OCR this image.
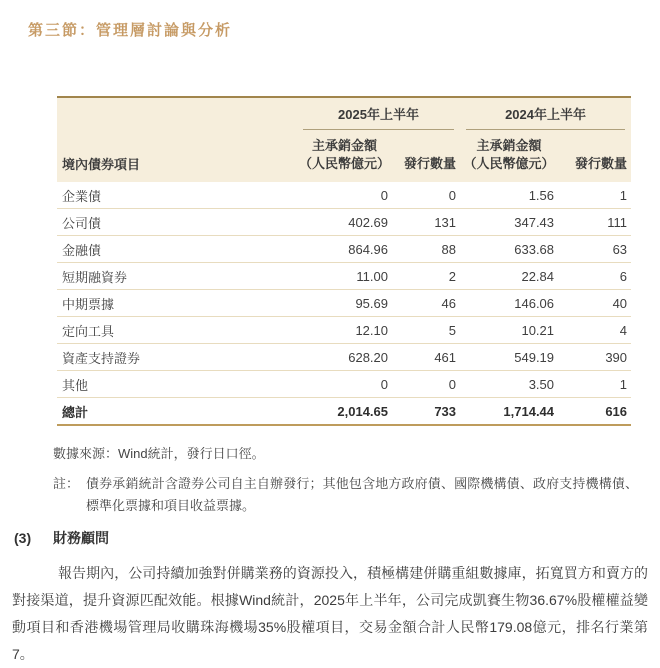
第三節：管理層討論與分析

	2025年上半年		2024年上半年	

境內債券項目	主承銷金額
（人民幣億元）	發行數量	主承銷金額
（人民幣億元）	發行數量
企業債	0	0	1.56	1
公司債	402.69	131	347.43	111
金融債	864.96	88	633.68	63
短期融資券	11.00	2	22.84	6
中期票據	95.69	46	146.06	40
定向工具	12.10	5	10.21	4
資產支持證券	628.20	461	549.19	390
其他	0	0	3.50	1
總計	2,014.65	733	1,714.44	616

數據來源：Wind統計，發行日口徑。

註： 債券承銷統計含證券公司自主自辦發行；其他包含地方政府債、國際機構債、政府支持機構債、標準化票據和項目收益票據。
(3)	財務顧問

報告期內，公司持續加強對併購業務的資源投入，積極構建併購重組數據庫，拓寬買方和賣方的對接渠道，提升資源匹配效能。根據Wind統計，2025年上半年，公司完成凱賽生物36.67%股權權益變動項目和香港機場管理局收購珠海機場35%股權項目，交易金額合計人民幣179.08億元，排名行業第7。
